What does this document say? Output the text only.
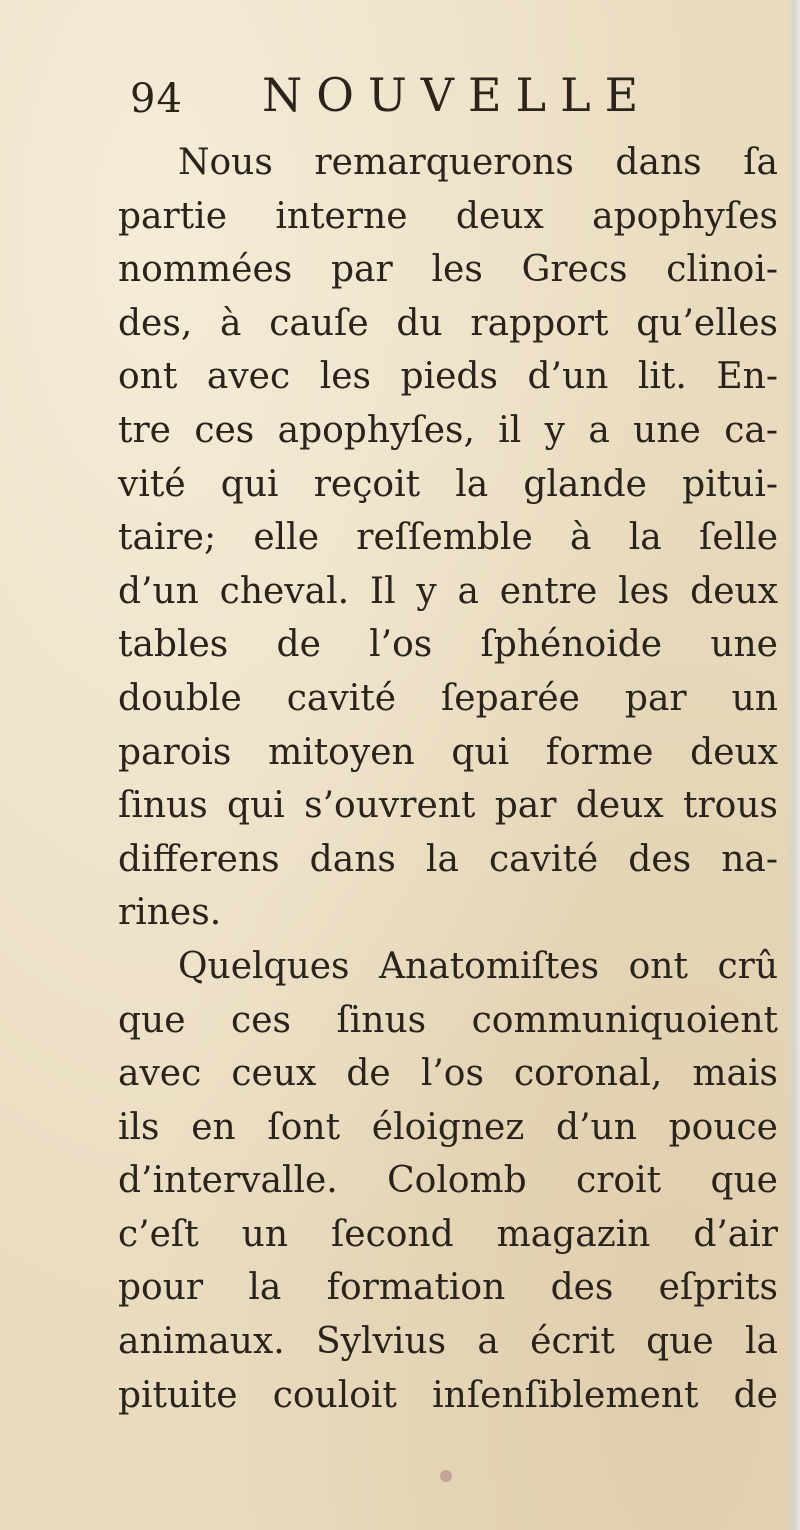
94 NOUVELLE
Nous remarquerons dans ſa
partie interne deux apophyſes
nommées par les Grecs clinoi-
des, à cauſe du rapport qu’elles
ont avec les pieds d’un lit. En-
tre ces apophyſes, il y a une ca-
vité qui reçoit la glande pitui-
taire; elle reſſemble à la ſelle
d’un cheval. Il y a entre les deux
tables de l’os ſphénoide une
double cavité ſeparée par un
parois mitoyen qui forme deux
ſinus qui s’ouvrent par deux trous
differens dans la cavité des na-
rines.
Quelques Anatomiſtes ont crû
que ces ſinus communiquoient
avec ceux de l’os coronal, mais
ils en ſont éloignez d’un pouce
d’intervalle. Colomb croit que
c’eſt un ſecond magazin d’air
pour la formation des eſprits
animaux. Sylvius a écrit que la
pituite couloit inſenſiblement de
